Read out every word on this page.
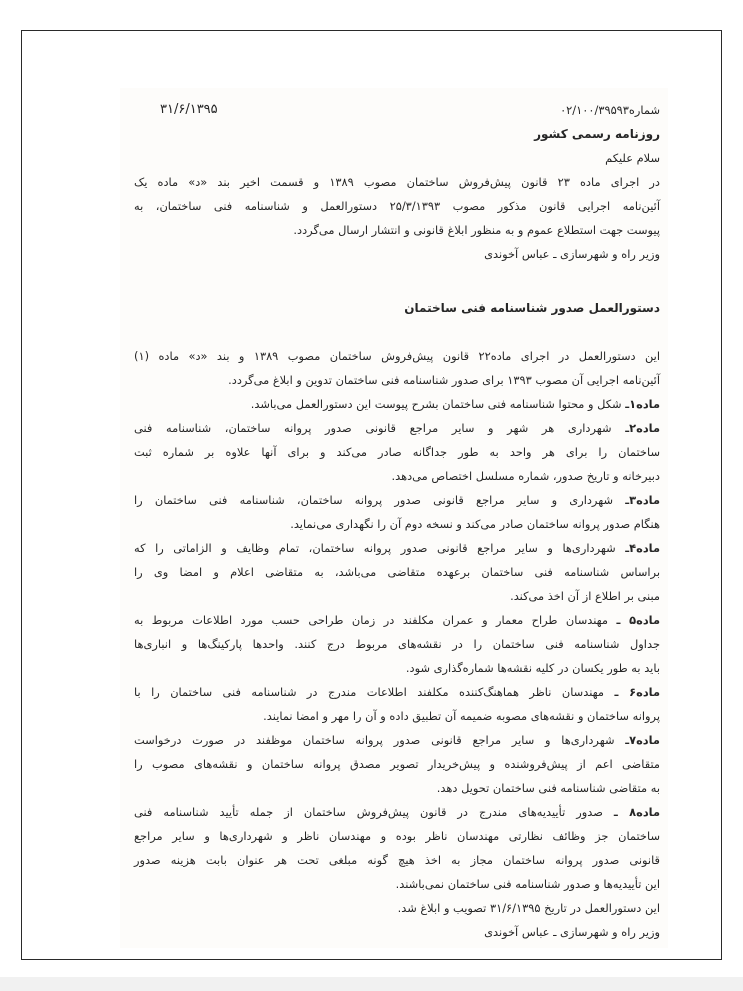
شماره۰۲/۱۰۰/۳۹۵۹۳
۳۱/۶/۱۳۹۵
روزنامه رسمی کشور
سلام علیکم
در اجرای ماده ۲۳ قانون پیش‌فروش ساختمان مصوب ۱۳۸۹ و قسمت اخیر بند «د» ماده یک
آئین‌نامه اجرایی قانون مذکور مصوب ۲۵/۳/۱۳۹۳ دستورالعمل و شناسنامه فنی ساختمان، به
پیوست جهت استطلاع عموم و به منظور ابلاغ قانونی و انتشار ارسال می‌گردد.
وزیر راه و شهرسازی ـ عباس آخوندی
دستورالعمل صدور شناسنامه فنی ساختمان
این دستورالعمل در اجرای ماده۲۲ قانون پیش‌فروش ساختمان مصوب ۱۳۸۹ و بند «د» ماده (۱)
آئین‌نامه اجرایی آن مصوب ۱۳۹۳ برای صدور شناسنامه فنی ساختمان تدوین و ابلاغ می‌گردد.
ماده۱ـ شکل و محتوا شناسنامه فنی ساختمان بشرح پیوست این دستورالعمل می‌باشد.
ماده۲ـ شهرداری هر شهر و سایر مراجع قانونی صدور پروانه ساختمان، شناسنامه فنی
ساختمان را برای هر واحد به طور جداگانه صادر می‌کند و برای آنها علاوه بر شماره ثبت
دبیرخانه و تاریخ صدور، شماره مسلسل اختصاص می‌دهد.
ماده۳ـ شهرداری و سایر مراجع قانونی صدور پروانه ساختمان، شناسنامه فنی ساختمان را
هنگام صدور پروانه ساختمان صادر می‌کند و نسخه دوم آن را نگهداری می‌نماید.
ماده۴ـ شهرداری‌ها و سایر مراجع قانونی صدور پروانه ساختمان، تمام وظایف و الزاماتی را که
براساس شناسنامه فنی ساختمان برعهده متقاضی می‌باشد، به متقاضی اعلام و امضا وی را
مبنی بر اطلاع از آن اخذ می‌کند.
ماده۵ ـ مهندسان طراح معمار و عمران مکلفند در زمان طراحی حسب مورد اطلاعات مربوط به
جداول شناسنامه فنی ساختمان را در نقشه‌های مربوط درج کنند. واحدها پارکینگ‌ها و انباری‌ها
باید به طور یکسان در کلیه نقشه‌ها شماره‌گذاری شود.
ماده۶ ـ مهندسان ناظر هماهنگ‌کننده مکلفند اطلاعات مندرج در شناسنامه فنی ساختمان را با
پروانه ساختمان و نقشه‌های مصوبه ضمیمه آن تطبیق داده و آن را مهر و امضا نمایند.
ماده۷ـ شهرداری‌ها و سایر مراجع قانونی صدور پروانه ساختمان موظفند در صورت درخواست
متقاضی اعم از پیش‌فروشنده و پیش‌خریدار تصویر مصدق پروانه ساختمان و نقشه‌های مصوب را
به متقاضی شناسنامه فنی ساختمان تحویل دهد.
ماده۸ ـ صدور تأییدیه‌های مندرج در قانون پیش‌فروش ساختمان از جمله تأیید شناسنامه فنی
ساختمان جز وظائف نظارتی مهندسان ناظر بوده و مهندسان ناظر و شهرداری‌ها و سایر مراجع
قانونی صدور پروانه ساختمان مجاز به اخذ هیچ گونه مبلغی تحت هر عنوان بابت هزینه صدور
این تأییدیه‌ها و صدور شناسنامه فنی ساختمان نمی‌باشند.
این دستورالعمل در تاریخ ۳۱/۶/۱۳۹۵ تصویب و ابلاغ شد.
وزیر راه و شهرسازی ـ عباس آخوندی
